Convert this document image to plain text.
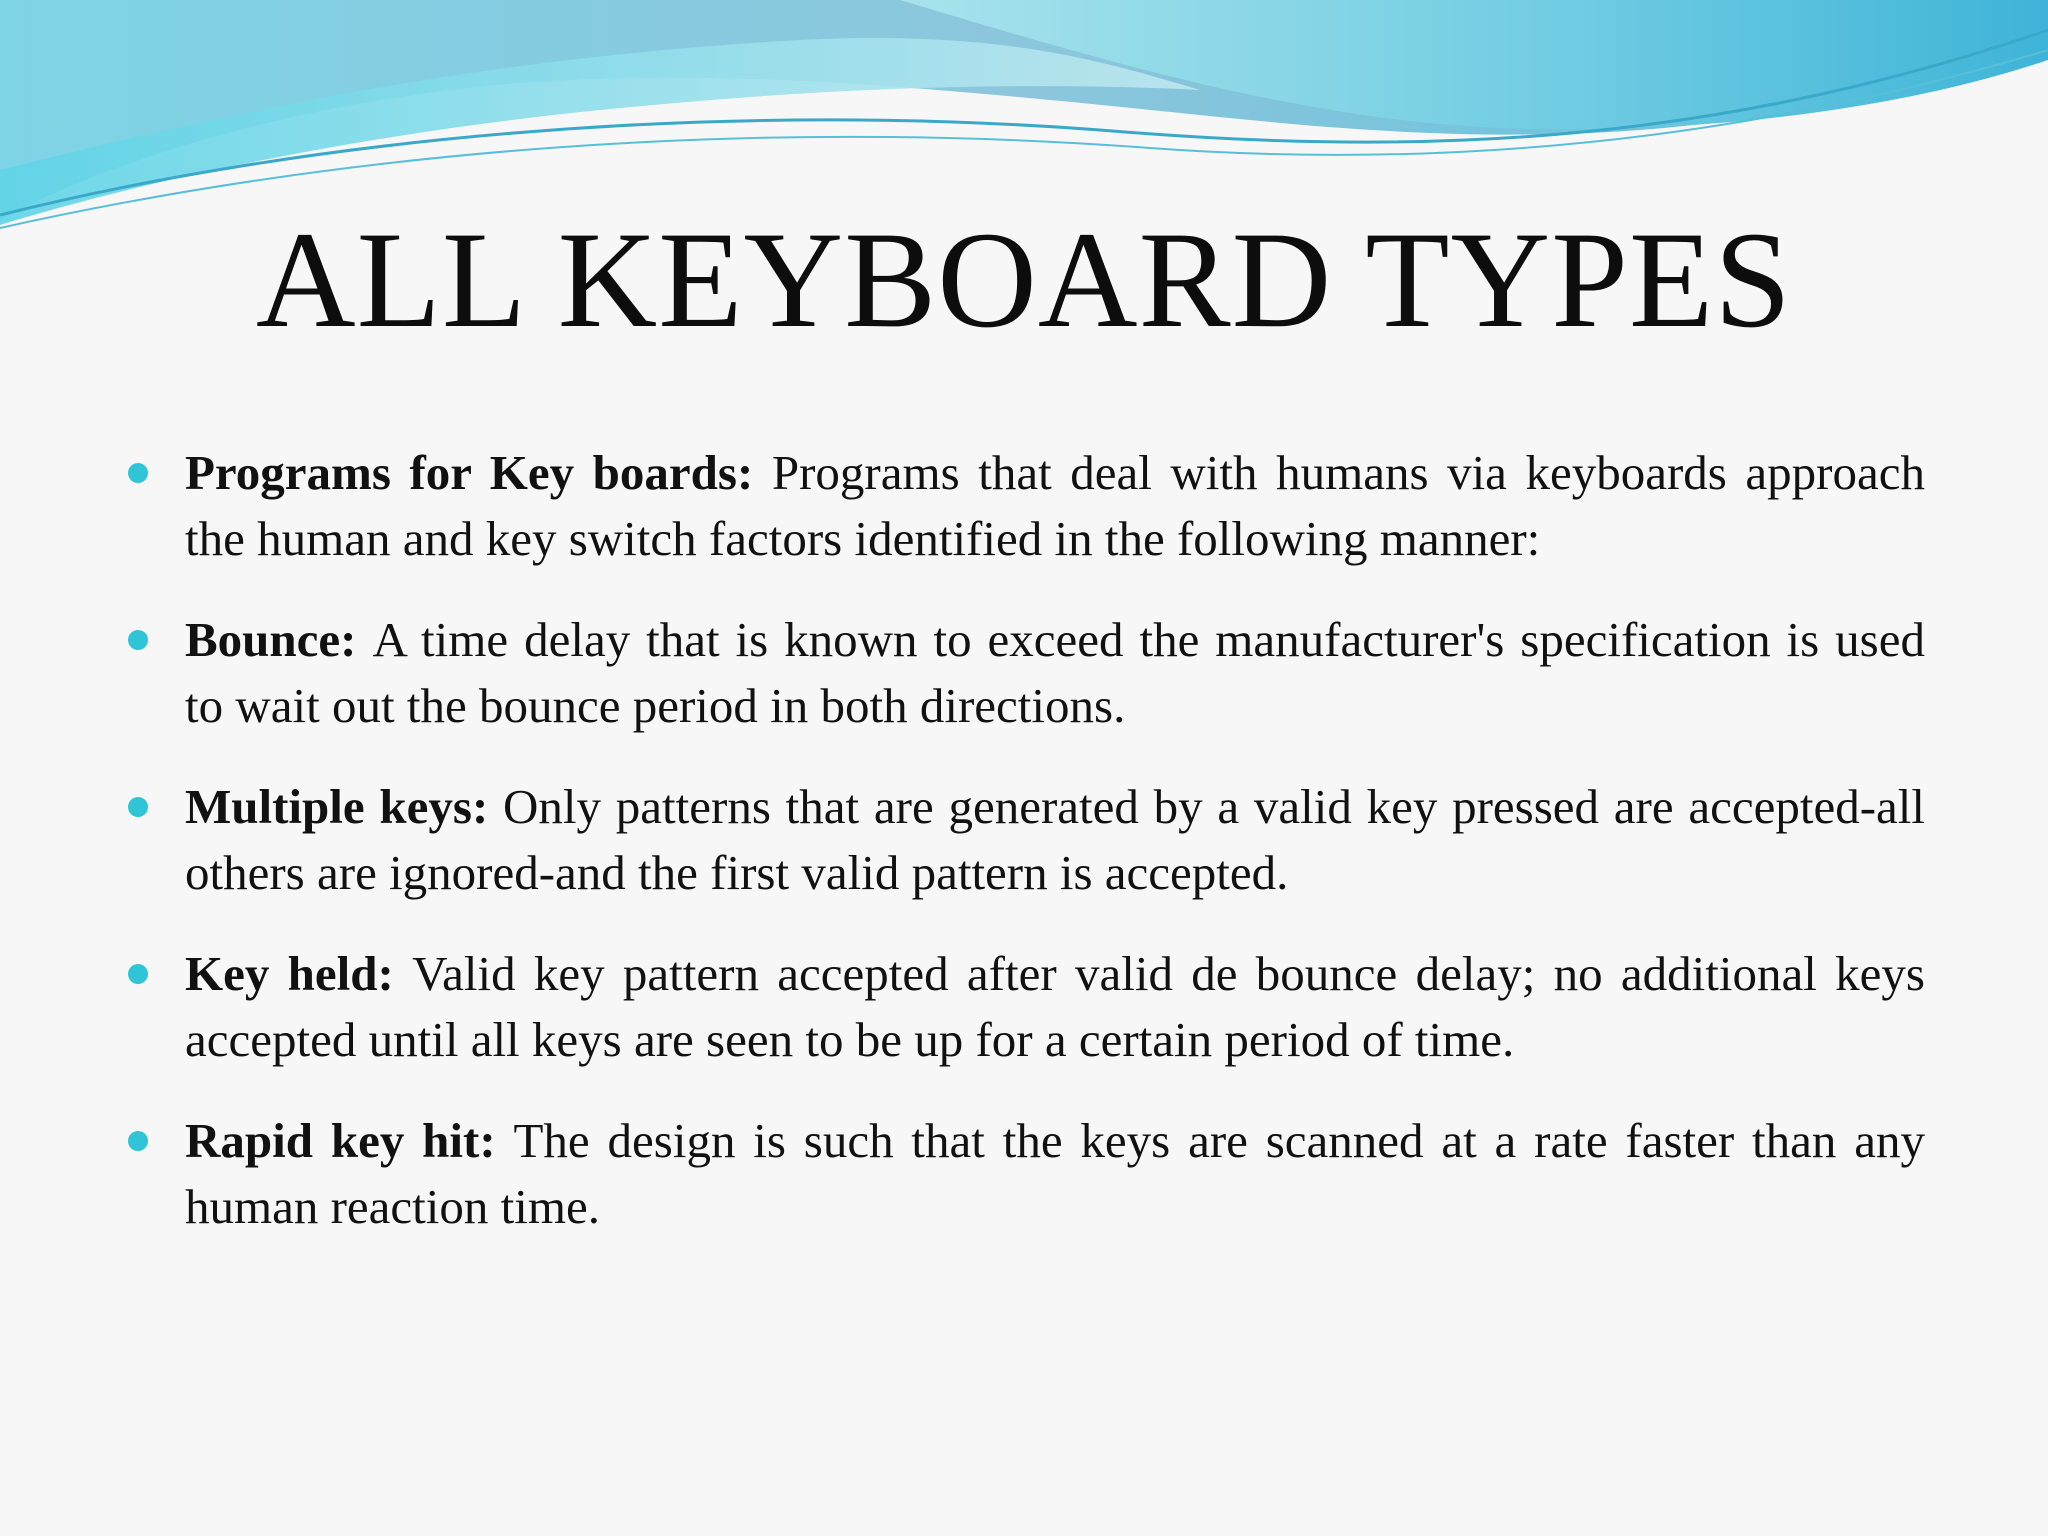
ALL KEYBOARD TYPES
Programs for Key boards: Programs that deal with humans via keyboards approach the human and key switch factors identified in the following manner:
Bounce: A time delay that is known to exceed the manufacturer's specification is used to wait out the bounce period in both directions.
Multiple keys: Only patterns that are generated by a valid key pressed are accepted-all others are ignored-and the first valid pattern is accepted.
Key held: Valid key pattern accepted after valid de bounce delay; no additional keys accepted until all keys are seen to be up for a certain period of time.
Rapid key hit: The design is such that the keys are scanned at a rate faster than any human reaction time.
